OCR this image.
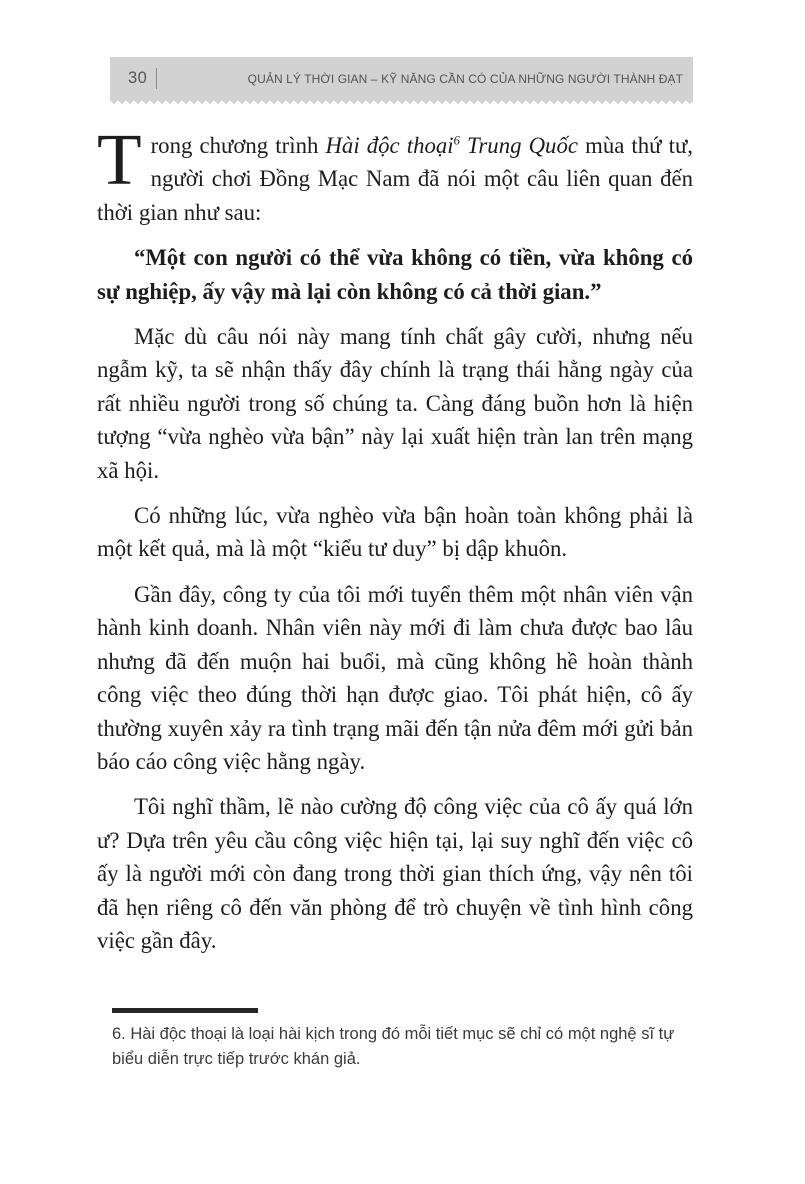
30	QUẢN LÝ THỜI GIAN – KỸ NĂNG CẦN CÓ CỦA NHỮNG NGƯỜI THÀNH ĐẠT

Trong chương trình Hài độc thoại$^6$ Trung Quốc mùa thứ tư, người chơi Đồng Mạc Nam đã nói một câu liên quan đến thời gian như sau:

“Một con người có thể vừa không có tiền, vừa không có sự nghiệp, ấy vậy mà lại còn không có cả thời gian.”

Mặc dù câu nói này mang tính chất gây cười, nhưng nếu ngẫm kỹ, ta sẽ nhận thấy đây chính là trạng thái hằng ngày của rất nhiều người trong số chúng ta. Càng đáng buồn hơn là hiện tượng “vừa nghèo vừa bận” này lại xuất hiện tràn lan trên mạng xã hội.

Có những lúc, vừa nghèo vừa bận hoàn toàn không phải là một kết quả, mà là một “kiểu tư duy” bị dập khuôn.

Gần đây, công ty của tôi mới tuyển thêm một nhân viên vận hành kinh doanh. Nhân viên này mới đi làm chưa được bao lâu nhưng đã đến muộn hai buổi, mà cũng không hề hoàn thành công việc theo đúng thời hạn được giao. Tôi phát hiện, cô ấy thường xuyên xảy ra tình trạng mãi đến tận nửa đêm mới gửi bản báo cáo công việc hằng ngày.

Tôi nghĩ thầm, lẽ nào cường độ công việc của cô ấy quá lớn ư? Dựa trên yêu cầu công việc hiện tại, lại suy nghĩ đến việc cô ấy là người mới còn đang trong thời gian thích ứng, vậy nên tôi đã hẹn riêng cô đến văn phòng để trò chuyện về tình hình công việc gần đây.

6. Hài độc thoại là loại hài kịch trong đó mỗi tiết mục sẽ chỉ có một nghệ sĩ tự biểu diễn trực tiếp trước khán giả.
